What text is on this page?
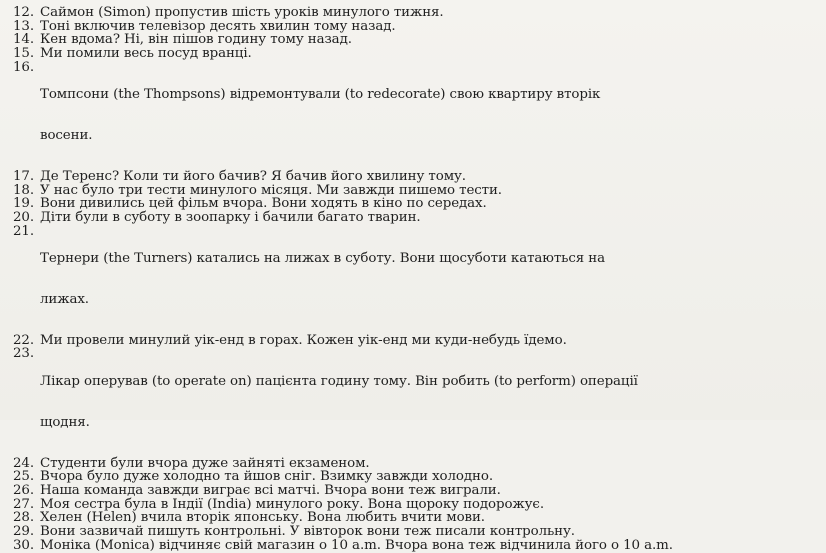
12. Саймон (Simon) пропустив шість уроків минулого тижня.
13. Тоні включив телевізор десять хвилин тому назад.
14. Кен вдома? Ні, він пішов годину тому назад.
15. Ми помили весь посуд вранці.
16.

Томпсони (the Thompsons) відремонтували (to redecorate) свою квартиру вторік

восени.

17. Де Теренс? Коли ти його бачив? Я бачив його хвилину тому.
18. У нас було три тести минулого місяця. Ми завжди пишемо тести.
19. Вони дивились цей фільм вчора. Вони ходять в кіно по середах.
20. Діти були в суботу в зоопарку і бачили багато тварин.
21.

Тернери (the Turners) катались на лижах в суботу. Вони щосуботи катаються на

лижах.

22. Ми провели минулий уік-енд в горах. Кожен уік-енд ми куди-небудь їдемо.
23.

Лікар оперував (to operate on) пацієнта годину тому. Він робить (to perform) операції

щодня.

24. Студенти були вчора дуже зайняті екзаменом.
25. Вчора було дуже холодно та йшов сніг. Взимку завжди холодно.
26. Наша команда завжди виграє всі матчі. Вчора вони теж виграли.
27. Моя сестра була в Індії (India) минулого року. Вона щороку подорожує.
28. Хелен (Helen) вчила вторік японську. Вона любить вчити мови.
29. Вони зазвичай пишуть контрольні. У вівторок вони теж писали контрольну.
30. Моніка (Monica) відчиняє свій магазин о 10 a.m. Вчора вона теж відчинила його о 10 a.m.
